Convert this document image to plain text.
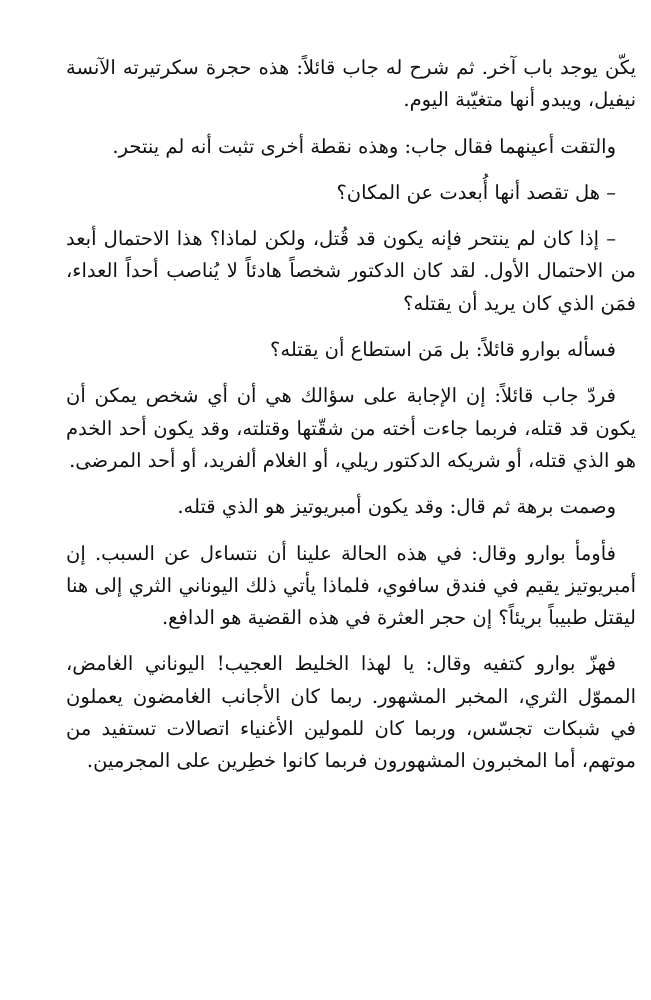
يكّن يوجد باب آخر. ثم شرح له جاب قائلاً: هذه حجرة سكرتيرته الآنسة نيفيل، ويبدو أنها متغيّبة اليوم.

والتقت أعينهما فقال جاب: وهذه نقطة أخرى تثبت أنه لم ينتحر.

– هل تقصد أنها أُبعدت عن المكان؟

– إذا كان لم ينتحر فإنه يكون قد قُتل، ولكن لماذا؟ هذا الاحتمال أبعد من الاحتمال الأول. لقد كان الدكتور شخصاً هادئاً لا يُناصب أحداً العداء، فمَن الذي كان يريد أن يقتله؟

فسأله بوارو قائلاً: بل مَن استطاع أن يقتله؟

فردّ جاب قائلاً: إن الإجابة على سؤالك هي أن أي شخص يمكن أن يكون قد قتله، فربما جاءت أخته من شقّتها وقتلته، وقد يكون أحد الخدم هو الذي قتله، أو شريكه الدكتور ريلي، أو الغلام ألفريد، أو أحد المرضى.

وصمت برهة ثم قال: وقد يكون أمبريوتيز هو الذي قتله.

فأومأ بوارو وقال: في هذه الحالة علينا أن نتساءل عن السبب. إن أمبريوتيز يقيم في فندق سافوي، فلماذا يأتي ذلك اليوناني الثري إلى هنا ليقتل طبيباً بريئاً؟ إن حجر العثرة في هذه القضية هو الدافع.

فهزّ بوارو كتفيه وقال: يا لهذا الخليط العجيب! اليوناني الغامض، المموّل الثري، المخبر المشهور. ربما كان الأجانب الغامضون يعملون في شبكات تجسّس، وربما كان للمولين الأغنياء اتصالات تستفيد من موتهم، أما المخبرون المشهورون فربما كانوا خطِرين على المجرمين.
